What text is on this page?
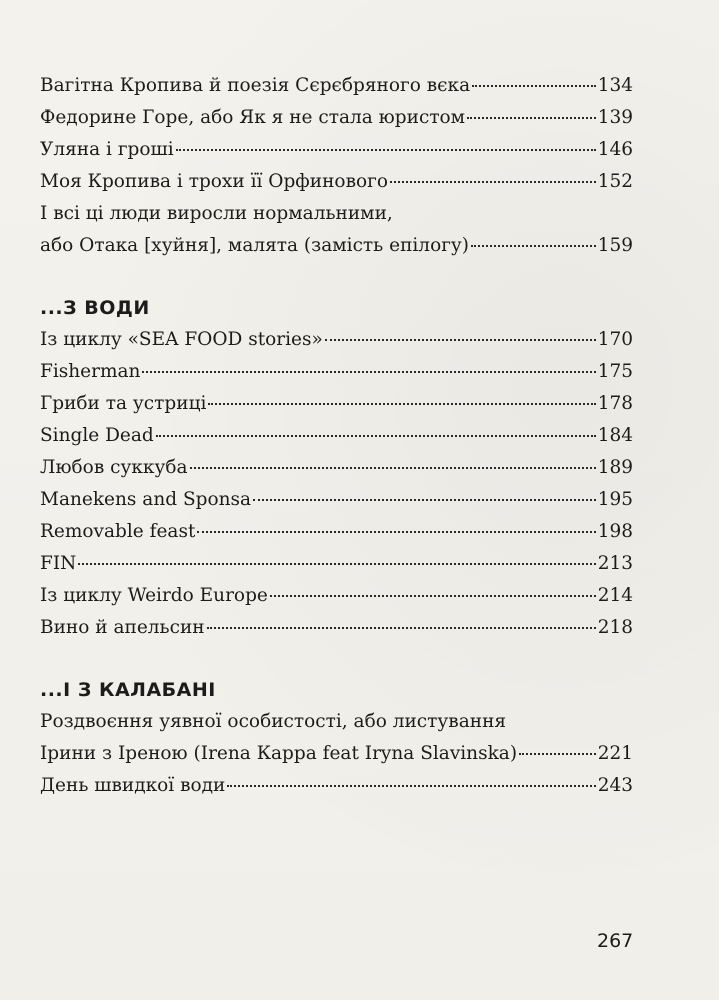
Вагітна Кропива й поезія Сєрєбряного вєка	134
Федорине Горе, або Як я не стала юристом	139
Уляна і гроші	146
Моя Кропива і трохи її Орфинового	152
І всі ці люди виросли нормальними,
або Отака [хуйня], малята (замість епілогу)	159
...З ВОДИ
Із циклу «SEA FOOD stories»	170
Fisherman	175
Гриби та устриці	178
Single Dead	184
Любов суккуба	189
Manekens and Sponsa	195
Removable feast	198
FIN	213
Із циклу Weirdo Europe	214
Вино й апельсин	218
...І З КАЛАБАНІ
Роздвоєння уявної особистості, або листування
Ірини з Іреною (Irena Карра feat Iryna Slavinska)	221
День швидкої води	243
267
